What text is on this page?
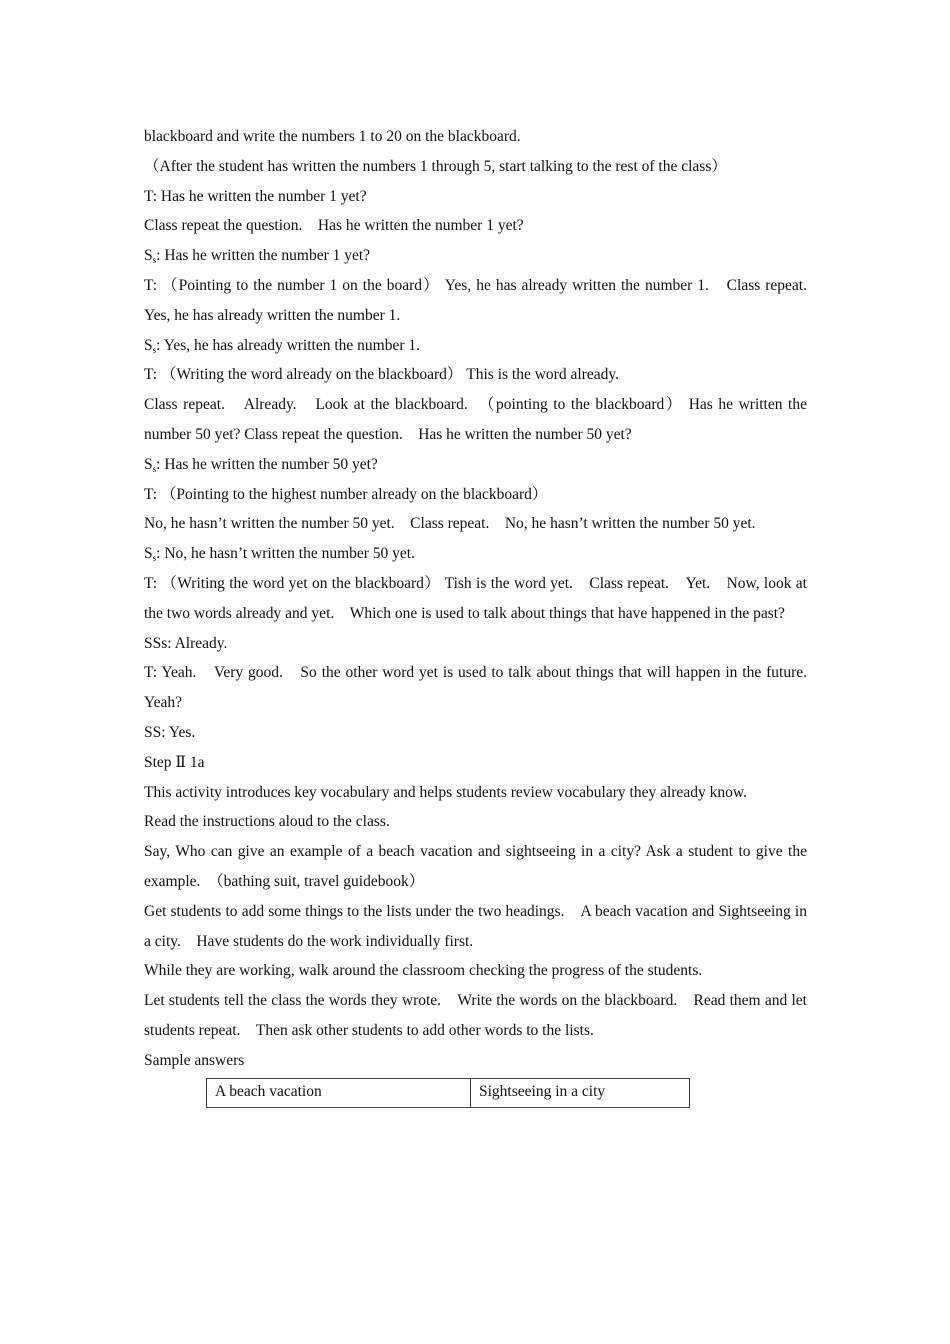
blackboard and write the numbers 1 to 20 on the blackboard.

（After the student has written the numbers 1 through 5, start talking to the rest of the class）

T: Has he written the number 1 yet?

Class repeat the question.　Has he written the number 1 yet?

$S_s$: Has he written the number 1 yet?

T: （Pointing to the number 1 on the board） Yes, he has already written the number 1.　Class repeat.　Yes, he has already written the number 1.

$S_s$: Yes, he has already written the number 1.

T: （Writing the word already on the blackboard） This is the word already.

Class repeat.　Already.　Look at the blackboard.　（pointing to the blackboard） Has he written the number 50 yet? Class repeat the question.　Has he written the number 50 yet?

$S_s$: Has he written the number 50 yet?

T: （Pointing to the highest number already on the blackboard）

No, he hasn’t written the number 50 yet.　Class repeat.　No, he hasn’t written the number 50 yet.

$S_s$: No, he hasn’t written the number 50 yet.

T: （Writing the word yet on the blackboard） Tish is the word yet.　Class repeat.　Yet.　Now, look at the two words already and yet.　Which one is used to talk about things that have happened in the past?

SSs: Already.

T: Yeah.　Very good.　So the other word yet is used to talk about things that will happen in the future.　Yeah?

SS: Yes.

Step Ⅱ 1a

This activity introduces key vocabulary and helps students review vocabulary they already know.

Read the instructions aloud to the class.

Say, Who can give an example of a beach vacation and sightseeing in a city? Ask a student to give the example.　（bathing suit, travel guidebook）

Get students to add some things to the lists under the two headings.　A beach vacation and Sightseeing in a city.　Have students do the work individually first.

While they are working, walk around the classroom checking the progress of the students.

Let students tell the class the words they wrote.　Write the words on the blackboard.　Read them and let students repeat.　Then ask other students to add other words to the lists.

Sample answers

A beach vacation	Sightseeing in a city
